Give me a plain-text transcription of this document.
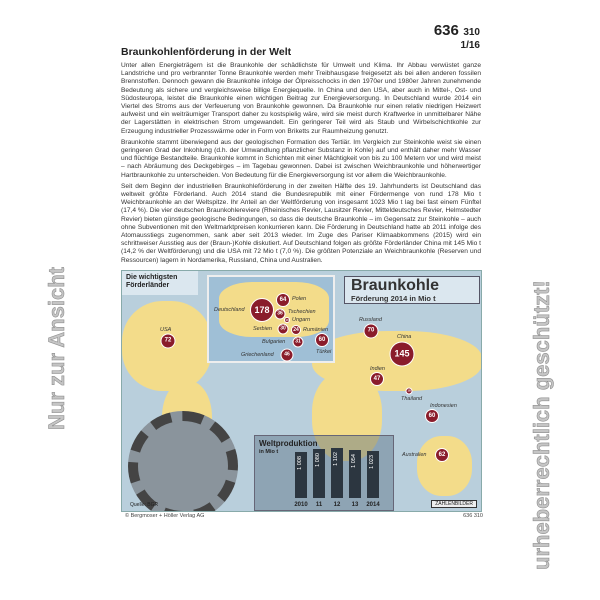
636 310
1/16
Braunkohlenförderung in der Welt

Unter allen Energieträgern ist die Braunkohle der schädlichste für Umwelt und Klima. Ihr Abbau verwüstet ganze Landstriche und pro verbrannter Tonne Braunkohle werden mehr Treibhausgase freigesetzt als bei allen anderen fossilen Brennstoffen. Dennoch gewann die Braunkohle infolge der Ölpreisschocks in den 1970er und 1980er Jahren zunehmende Bedeutung als sichere und vergleichsweise billige Energiequelle. In China und den USA, aber auch in Mittel-, Ost- und Südosteuropa, leistet die Braunkohle einen wichtigen Beitrag zur Energieversorgung. In Deutschland wurde 2014 ein Viertel des Stroms aus der Verfeuerung von Braunkohle gewonnen. Da Braunkohle nur einen relativ niedrigen Heizwert aufweist und ein weiträumiger Transport daher zu kostspielig wäre, wird sie meist durch Kraftwerke in unmittelbarer Nähe der Lagerstätten in elektrischen Strom umgewandelt. Ein geringerer Teil wird als Staub und Wirbelschichtkohle zur Erzeugung industrieller Prozesswärme oder in Form von Briketts zur Raumheizung genutzt.

Braunkohle stammt überwiegend aus der geologischen Formation des Tertiär. Im Vergleich zur Steinkohle weist sie einen geringeren Grad der Inkohlung (d.h. der Umwandlung pflanzlicher Substanz in Kohle) auf und enthält daher mehr Wasser und flüchtige Bestandteile. Braunkohle kommt in Schichten mit einer Mächtigkeit von bis zu 100 Metern vor und wird meist – nach Abräumung des Deckgebirges – im Tagebau gewonnen. Dabei ist zwischen Weichbraunkohle und höherwertiger Hartbraunkohle zu unterscheiden. Von Bedeutung für die Energieversorgung ist vor allem die Weichbraunkohle.

Seit dem Beginn der industriellen Braunkohleförderung in der zweiten Hälfte des 19. Jahrhunderts ist Deutschland das weltweit größte Förderland. Auch 2014 stand die Bundesrepublik mit einer Fördermenge von rund 178 Mio t Weichbraunkohle an der Weltspitze. Ihr Anteil an der Weltförderung von insgesamt 1023 Mio t lag bei fast einem Fünftel (17,4 %). Die vier deutschen Braunkohlereviere (Rheinisches Revier, Lausitzer Revier, Mitteldeutsches Revier, Helmstedter Revier) bieten günstige geologische Bedingungen, so dass die deutsche Braunkohle – im Gegensatz zur Steinkohle – auch ohne Subventionen mit den Weltmarktpreisen konkurrieren kann. Die Förderung in Deutschland hatte ab 2011 infolge des Atomausstiegs zugenommen, sank aber seit 2013 wieder. Im Zuge des Pariser Klimaabkommens (2015) wird ein schrittweiser Ausstieg aus der (Braun-)Kohle diskutiert. Auf Deutschland folgen als größte Förderländer China mit 145 Mio t (14,2 % der Weltförderung) und die USA mit 72 Mio t (7,0 %). Die größten Potenziale an Weichbraunkohle (Reserven und Ressourcen) lagern in Nordamerika, Russland, China und Australien.

Die wichtigsten Förderländer	Braunkohle
Förderung 2014 in Mio t
178
Deutschland
64	Polen
36 Tschechien
10 Ungarn
30
Serbien	24 Rumänien
31
Bulgarien	60
Türkei
46
Griechenland
72
USA	70
Russland
145
China
47
Indien
18
Thailand
60
Indonesien
62
Australien
Weltproduktion
in Mio t
1 008
2010
1 080
11
1 102
12
1 054
13
1 023
2014
Quelle: BGR	ZAHLENBILDER
© Bergmoser + Höller Verlag AG	636 310
Nur zur Ansicht	urheberrechtlich geschützt!
